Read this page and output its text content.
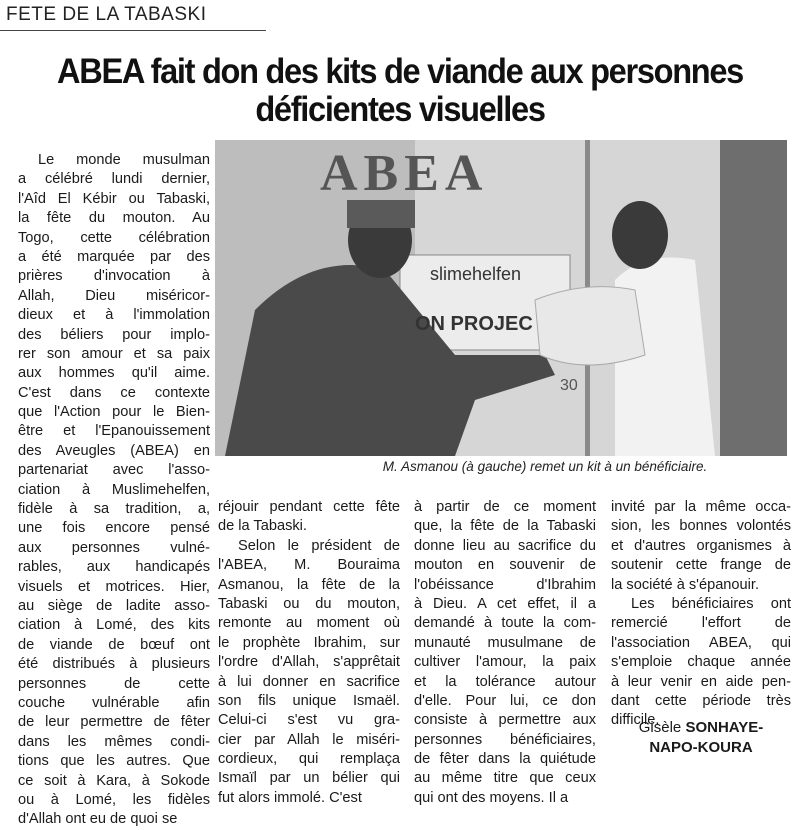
FETE DE LA TABASKI
ABEA fait don des kits de viande aux personnes
déficientes visuelles
ABEA
slimehelfen
ON PROJEC
30
M. Asmanou (à gauche) remet un kit à un bénéficiaire.
Le monde musulman
a célébré lundi dernier,
l'Aîd El Kébir ou Tabaski,
la fête du mouton. Au
Togo, cette célébration
a été marquée par des
prières d'invocation à
Allah, Dieu miséricor-
dieux et à l'immolation
des béliers pour implo-
rer son amour et sa paix
aux hommes qu'il aime.
C'est dans ce contexte
que l'Action pour le Bien-
être et l'Epanouissement
des Aveugles (ABEA) en
partenariat avec l'asso-
ciation à Muslimehelfen,
fidèle à sa tradition, a,
une fois encore pensé
aux personnes vulné-
rables, aux handicapés
visuels et motrices. Hier,
au siège de ladite asso-
ciation à Lomé, des kits
de viande de bœuf ont
été distribués à plusieurs
personnes de cette
couche vulnérable afin
de leur permettre de fêter
dans les mêmes condi-
tions que les autres. Que
ce soit à Kara, à Sokode
ou à Lomé, les fidèles
d'Allah ont eu de quoi se
réjouir pendant cette fête
de la Tabaski.
Selon le président de
l'ABEA, M. Bouraima
Asmanou, la fête de la
Tabaski ou du mouton,
remonte au moment où
le prophète Ibrahim, sur
l'ordre d'Allah, s'apprêtait
à lui donner en sacrifice
son fils unique Ismaël.
Celui-ci s'est vu gra-
cier par Allah le miséri-
cordieux, qui remplaça
Ismaïl par un bélier qui
fut alors immolé. C'est
à partir de ce moment
que, la fête de la Tabaski
donne lieu au sacrifice du
mouton en souvenir de
l'obéissance d'Ibrahim
à Dieu. A cet effet, il a
demandé à toute la com-
munauté musulmane de
cultiver l'amour, la paix
et la tolérance autour
d'elle. Pour lui, ce don
consiste à permettre aux
personnes bénéficiaires,
de fêter dans la quiétude
au même titre que ceux
qui ont des moyens. Il a
invité par la même occa-
sion, les bonnes volontés
et d'autres organismes à
soutenir cette frange de
la société à s'épanouir.
Les bénéficiaires ont
remercié l'effort de
l'association ABEA, qui
s'emploie chaque année
à leur venir en aide pen-
dant cette période très
difficile.
Gisèle SONHAYE-
NAPO-KOURA
